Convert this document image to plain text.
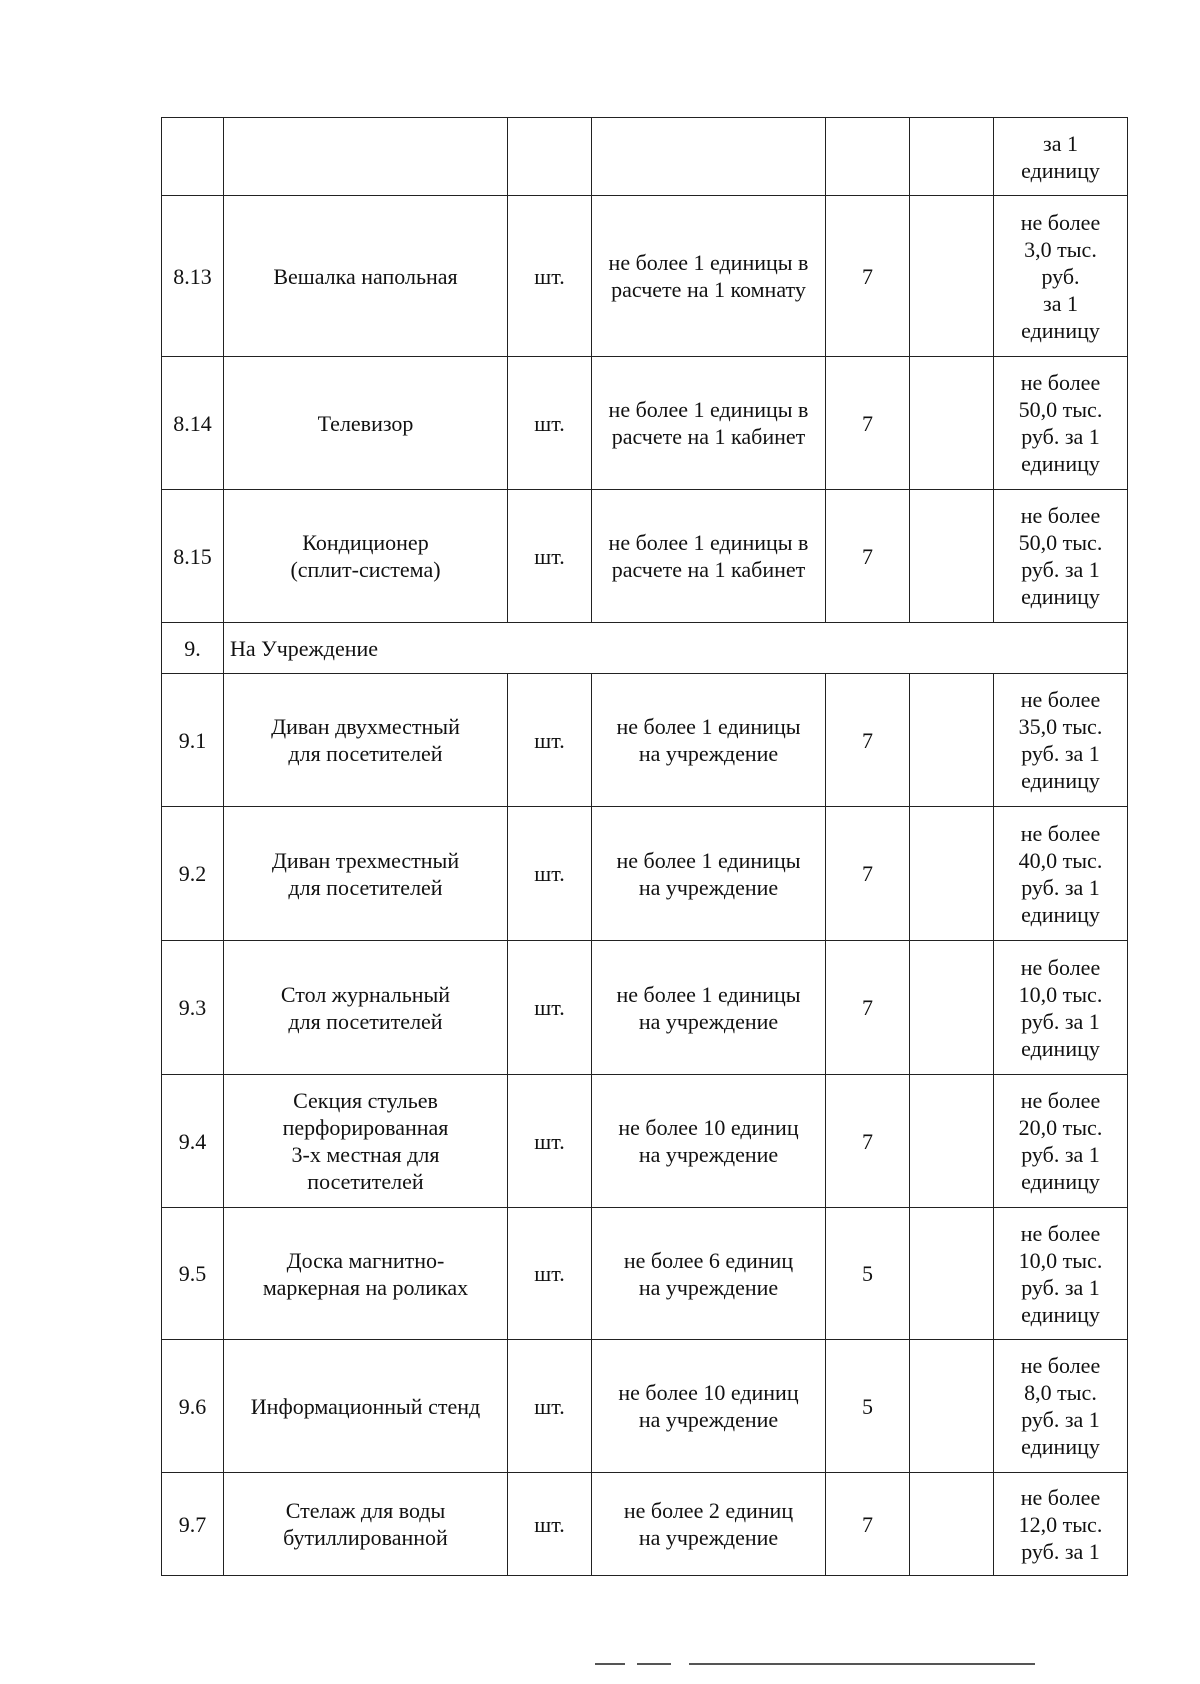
						за 1
единицу

8.13	Вешалка напольная	шт.	не более 1 единицы в
расчете на 1 комнату	7		не более
3,0 тыс.
руб.
за 1
единицу

8.14	Телевизор	шт.	не более 1 единицы в
расчете на 1 кабинет	7		не более
50,0 тыс.
руб. за 1
единицу

8.15	Кондиционер
(сплит-система)	шт.	не более 1 единицы в
расчете на 1 кабинет	7		не более
50,0 тыс.
руб. за 1
единицу

9.	На Учреждение					

9.1	Диван двухместный
для посетителей	шт.	не более 1 единицы
на учреждение	7		не более
35,0 тыс.
руб. за 1
единицу

9.2	Диван трехместный
для посетителей	шт.	не более 1 единицы
на учреждение	7		не более
40,0 тыс.
руб. за 1
единицу

9.3	Стол журнальный
для посетителей	шт.	не более 1 единицы
на учреждение	7		не более
10,0 тыс.
руб. за 1
единицу

9.4	Секция стульев
перфорированная
3-х местная для
посетителей	шт.	не более 10 единиц
на учреждение	7		не более
20,0 тыс.
руб. за 1
единицу

9.5	Доска магнитно-
маркерная на роликах	шт.	не более 6 единиц
на учреждение	5		не более
10,0 тыс.
руб. за 1
единицу

9.6	Информационный стенд	шт.	не более 10 единиц
на учреждение	5		не более
8,0 тыс.
руб. за 1
единицу

9.7	Стелаж для воды
бутиллированной	шт.	не более 2 единиц
на учреждение	7		не более
12,0 тыс.
руб. за 1
